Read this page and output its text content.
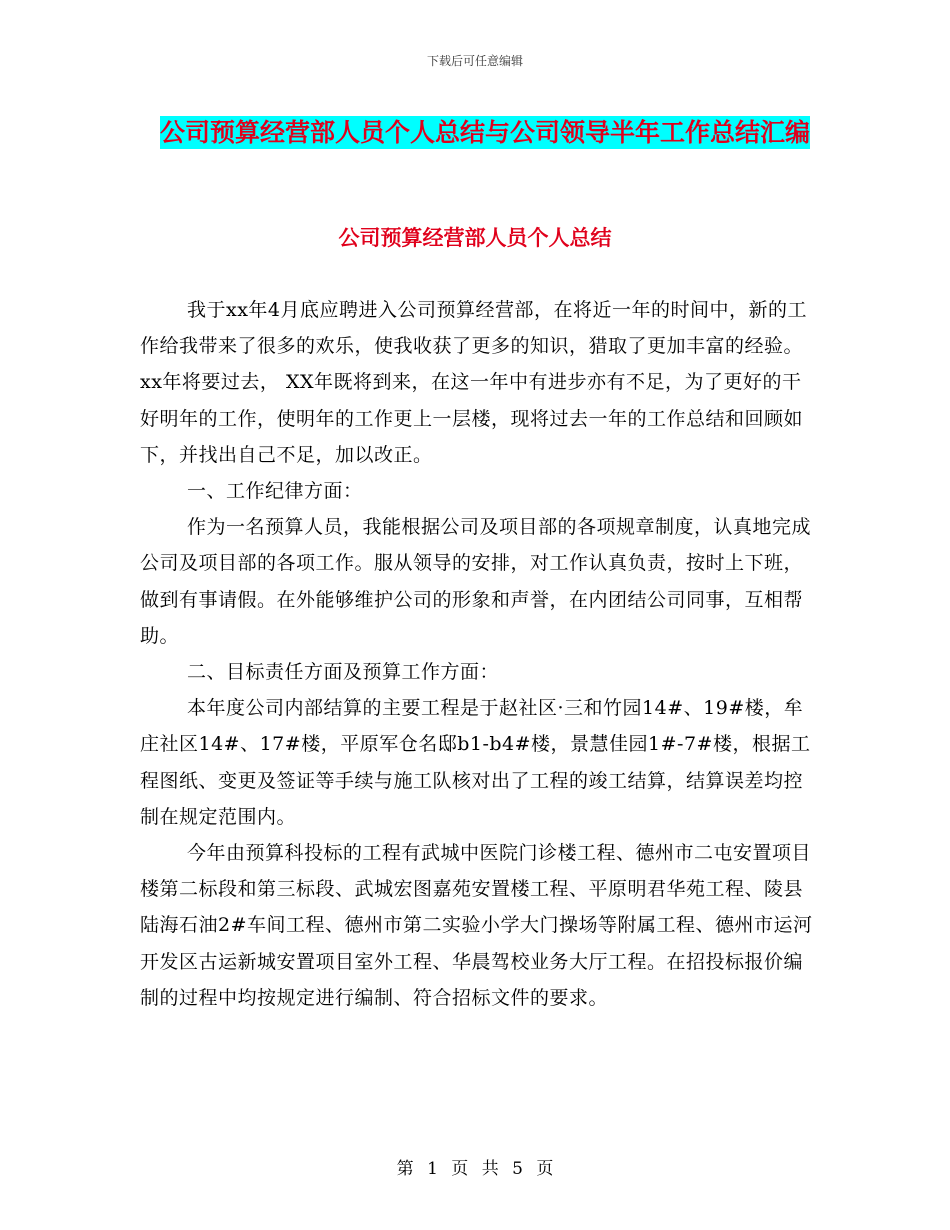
下载后可任意编辑
公司预算经营部人员个人总结与公司领导半年工作总结汇编
公司预算经营部人员个人总结

我于xx年4月底应聘进入公司预算经营部，在将近一年的时间中，新的工作给我带来了很多的欢乐，使我收获了更多的知识，猎取了更加丰富的经验。xx年将要过去， XX年既将到来，在这一年中有进步亦有不足，为了更好的干好明年的工作，使明年的工作更上一层楼，现将过去一年的工作总结和回顾如下，并找出自己不足，加以改正。

一、工作纪律方面：

作为一名预算人员，我能根据公司及项目部的各项规章制度，认真地完成公司及项目部的各项工作。服从领导的安排，对工作认真负责，按时上下班，做到有事请假。在外能够维护公司的形象和声誉，在内团结公司同事，互相帮助。

二、目标责任方面及预算工作方面：

本年度公司内部结算的主要工程是于赵社区·三和竹园14#、19#楼，牟庄社区14#、17#楼，平原军仓名邸b1-b4#楼，景慧佳园1#-7#楼，根据工程图纸、变更及签证等手续与施工队核对出了工程的竣工结算，结算误差均控制在规定范围内。

今年由预算科投标的工程有武城中医院门诊楼工程、德州市二屯安置项目楼第二标段和第三标段、武城宏图嘉苑安置楼工程、平原明君华苑工程、陵县陆海石油2#车间工程、德州市第二实验小学大门操场等附属工程、德州市运河开发区古运新城安置项目室外工程、华晨驾校业务大厅工程。在招投标报价编制的过程中均按规定进行编制、符合招标文件的要求。

第 1 页 共 5 页
